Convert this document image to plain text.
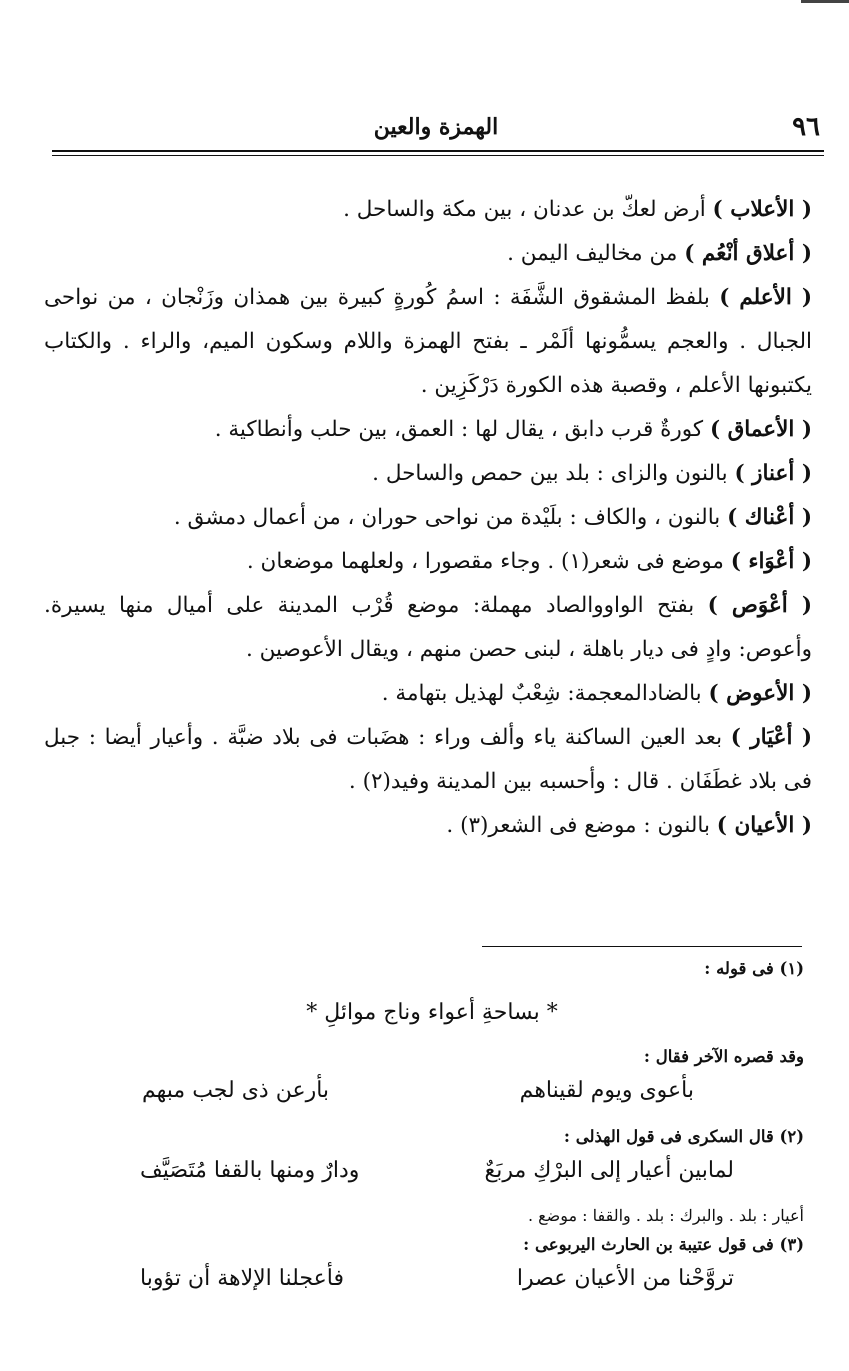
٩٦
الهمزة والعين

( الأعلاب ) أرض لعكّ بن عدنان ، بين مكة والساحل .

( أعلاق أنْعُم ) من مخاليف اليمن .

( الأعلم ) بلفظ المشقوق الشَّفَة : اسمُ كُورةٍ كبيرة بين همذان وزَنْجان ، من نواحى الجبال . والعجم يسمُّونها ألَمْر ـ بفتح الهمزة واللام وسكون الميم، والراء . والكتاب يكتبونها الأعلم ، وقصبة هذه الكورة دَرْكَزِين .

( الأعماق ) كورةٌ قرب دابق ، يقال لها : العمق، بين حلب وأنطاكية .

( أعناز ) بالنون والزاى : بلد بين حمص والساحل .

( أعْناك ) بالنون ، والكاف : بلَيْدة من نواحى حوران ، من أعمال دمشق .

( أعْوَاء ) موضع فى شعر(١) . وجاء مقصورا ، ولعلهما موضعان .

( أعْوَص ) بفتح الواووالصاد مهملة: موضع قُرْب المدينة على أميال منها يسيرة. وأعوص: وادٍ فى ديار باهلة ، لبنى حصن منهم ، ويقال الأعوصين .

( الأعوض ) بالضادالمعجمة: شِعْبٌ لهذيل بتهامة .

( أعْيَار ) بعد العين الساكنة ياء وألف وراء : هضَبات فى بلاد ضبَّة . وأعيار أيضا : جبل فى بلاد غطَفَان . قال : وأحسبه بين المدينة وفيد(٢) .

( الأعيان ) بالنون : موضع فى الشعر(٣) .

(١) فى قوله :

* بساحةِ أعواء وناج موائلِ *

وقد قصره الآخر فقال :

بأعوى ويوم لقيناهم
بأرعن ذى لجب مبهم

(٢) قال السكرى فى قول الهذلى :

لمابين أعيار إلى البرْكِ مربَعٌ
ودارٌ ومنها بالقفا مُتَصَيَّف

أعيار : بلد . والبرك : بلد . والقفا : موضع .

(٣) فى قول عتيبة بن الحارث اليربوعى :

تروَّحْنا من الأعيان عصرا
فأعجلنا الإلاهة أن تؤوبا
